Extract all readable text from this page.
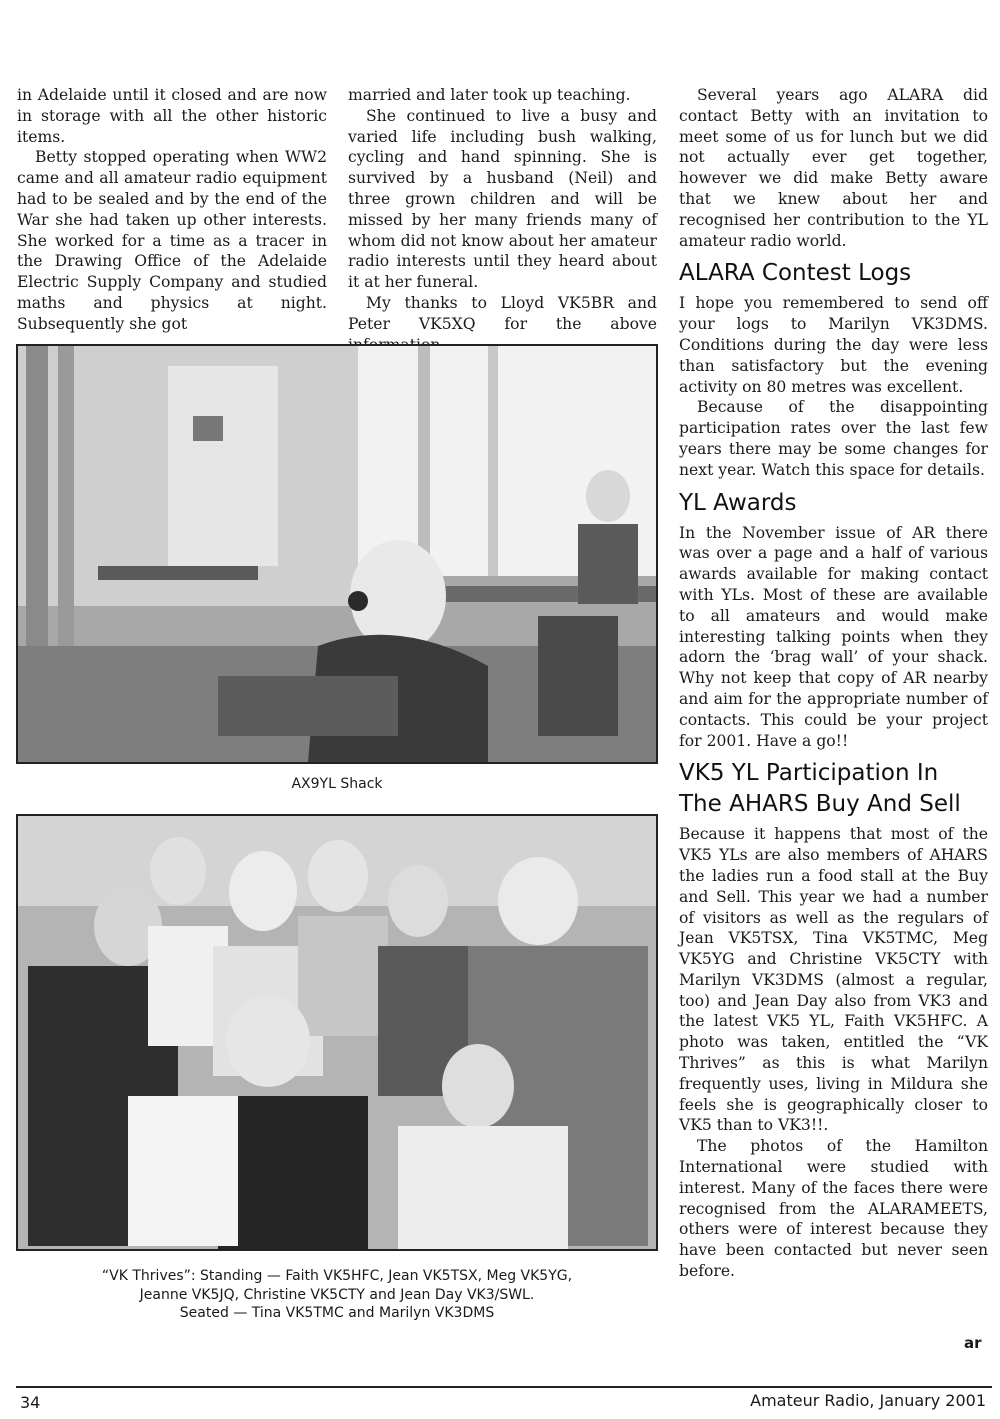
in Adelaide until it closed and are now in storage with all the other historic items.

Betty stopped operating when WW2 came and all amateur radio equipment had to be sealed and by the end of the War she had taken up other interests. She worked for a time as a tracer in the Drawing Office of the Adelaide Electric Supply Company and studied maths and physics at night. Subsequently she got

married and later took up teaching.

She continued to live a busy and varied life including bush walking, cycling and hand spinning. She is survived by a husband (Neil) and three grown children and will be missed by her many friends many of whom did not know about her amateur radio interests until they heard about it at her funeral.

My thanks to Lloyd VK5BR and Peter VK5XQ for the above

Several years ago ALARA did contact Betty with an invitation to meet some of us for lunch but we did not actually ever get together, however we did make Betty aware that we knew about her and recognised her contribution to the YL amateur radio world.

ALARA Contest Logs

I hope you remembered to send off your logs to Marilyn VK3DMS. Conditions during the day were less than satisfactory but the evening activity on 80 metres was excellent.

Because of the disappointing participation rates over the last few years there may be some changes for next year. Watch this space for details.

YL Awards

In the November issue of AR there was over a page and a half of various awards available for making contact with YLs. Most of these are available to all amateurs and would make interesting talking points when they adorn the ‘brag wall’ of your shack. Why not keep that copy of AR nearby and aim for the appropriate number of contacts. This could be your project for 2001. Have a go!!

VK5 YL Participation In The AHARS Buy And Sell

Because it happens that most of the VK5 YLs are also members of AHARS the ladies run a food stall at the Buy and Sell. This year we had a number of visitors as well as the regulars of Jean VK5TSX, Tina VK5TMC, Meg VK5YG and Christine VK5CTY with Marilyn VK3DMS (almost a regular, too) and Jean Day also from VK3 and the latest VK5 YL, Faith VK5HFC. A photo was taken, entitled the “VK Thrives” as this is what Marilyn frequently uses, living in Mildura she feels she is geographically closer to VK5 than to VK3!!.

The photos of the Hamilton International were studied with interest. Many of the faces there were recognised from the ALARAMEETS, others were of interest because they have been contacted but never seen before.

AX9YL Shack
“VK Thrives”: Standing — Faith VK5HFC, Jean VK5TSX, Meg VK5YG,
Jeanne VK5JQ, Christine VK5CTY and Jean Day VK3/SWL.
Seated — Tina VK5TMC and Marilyn VK3DMS
ar
34	Amateur Radio, January 2001
